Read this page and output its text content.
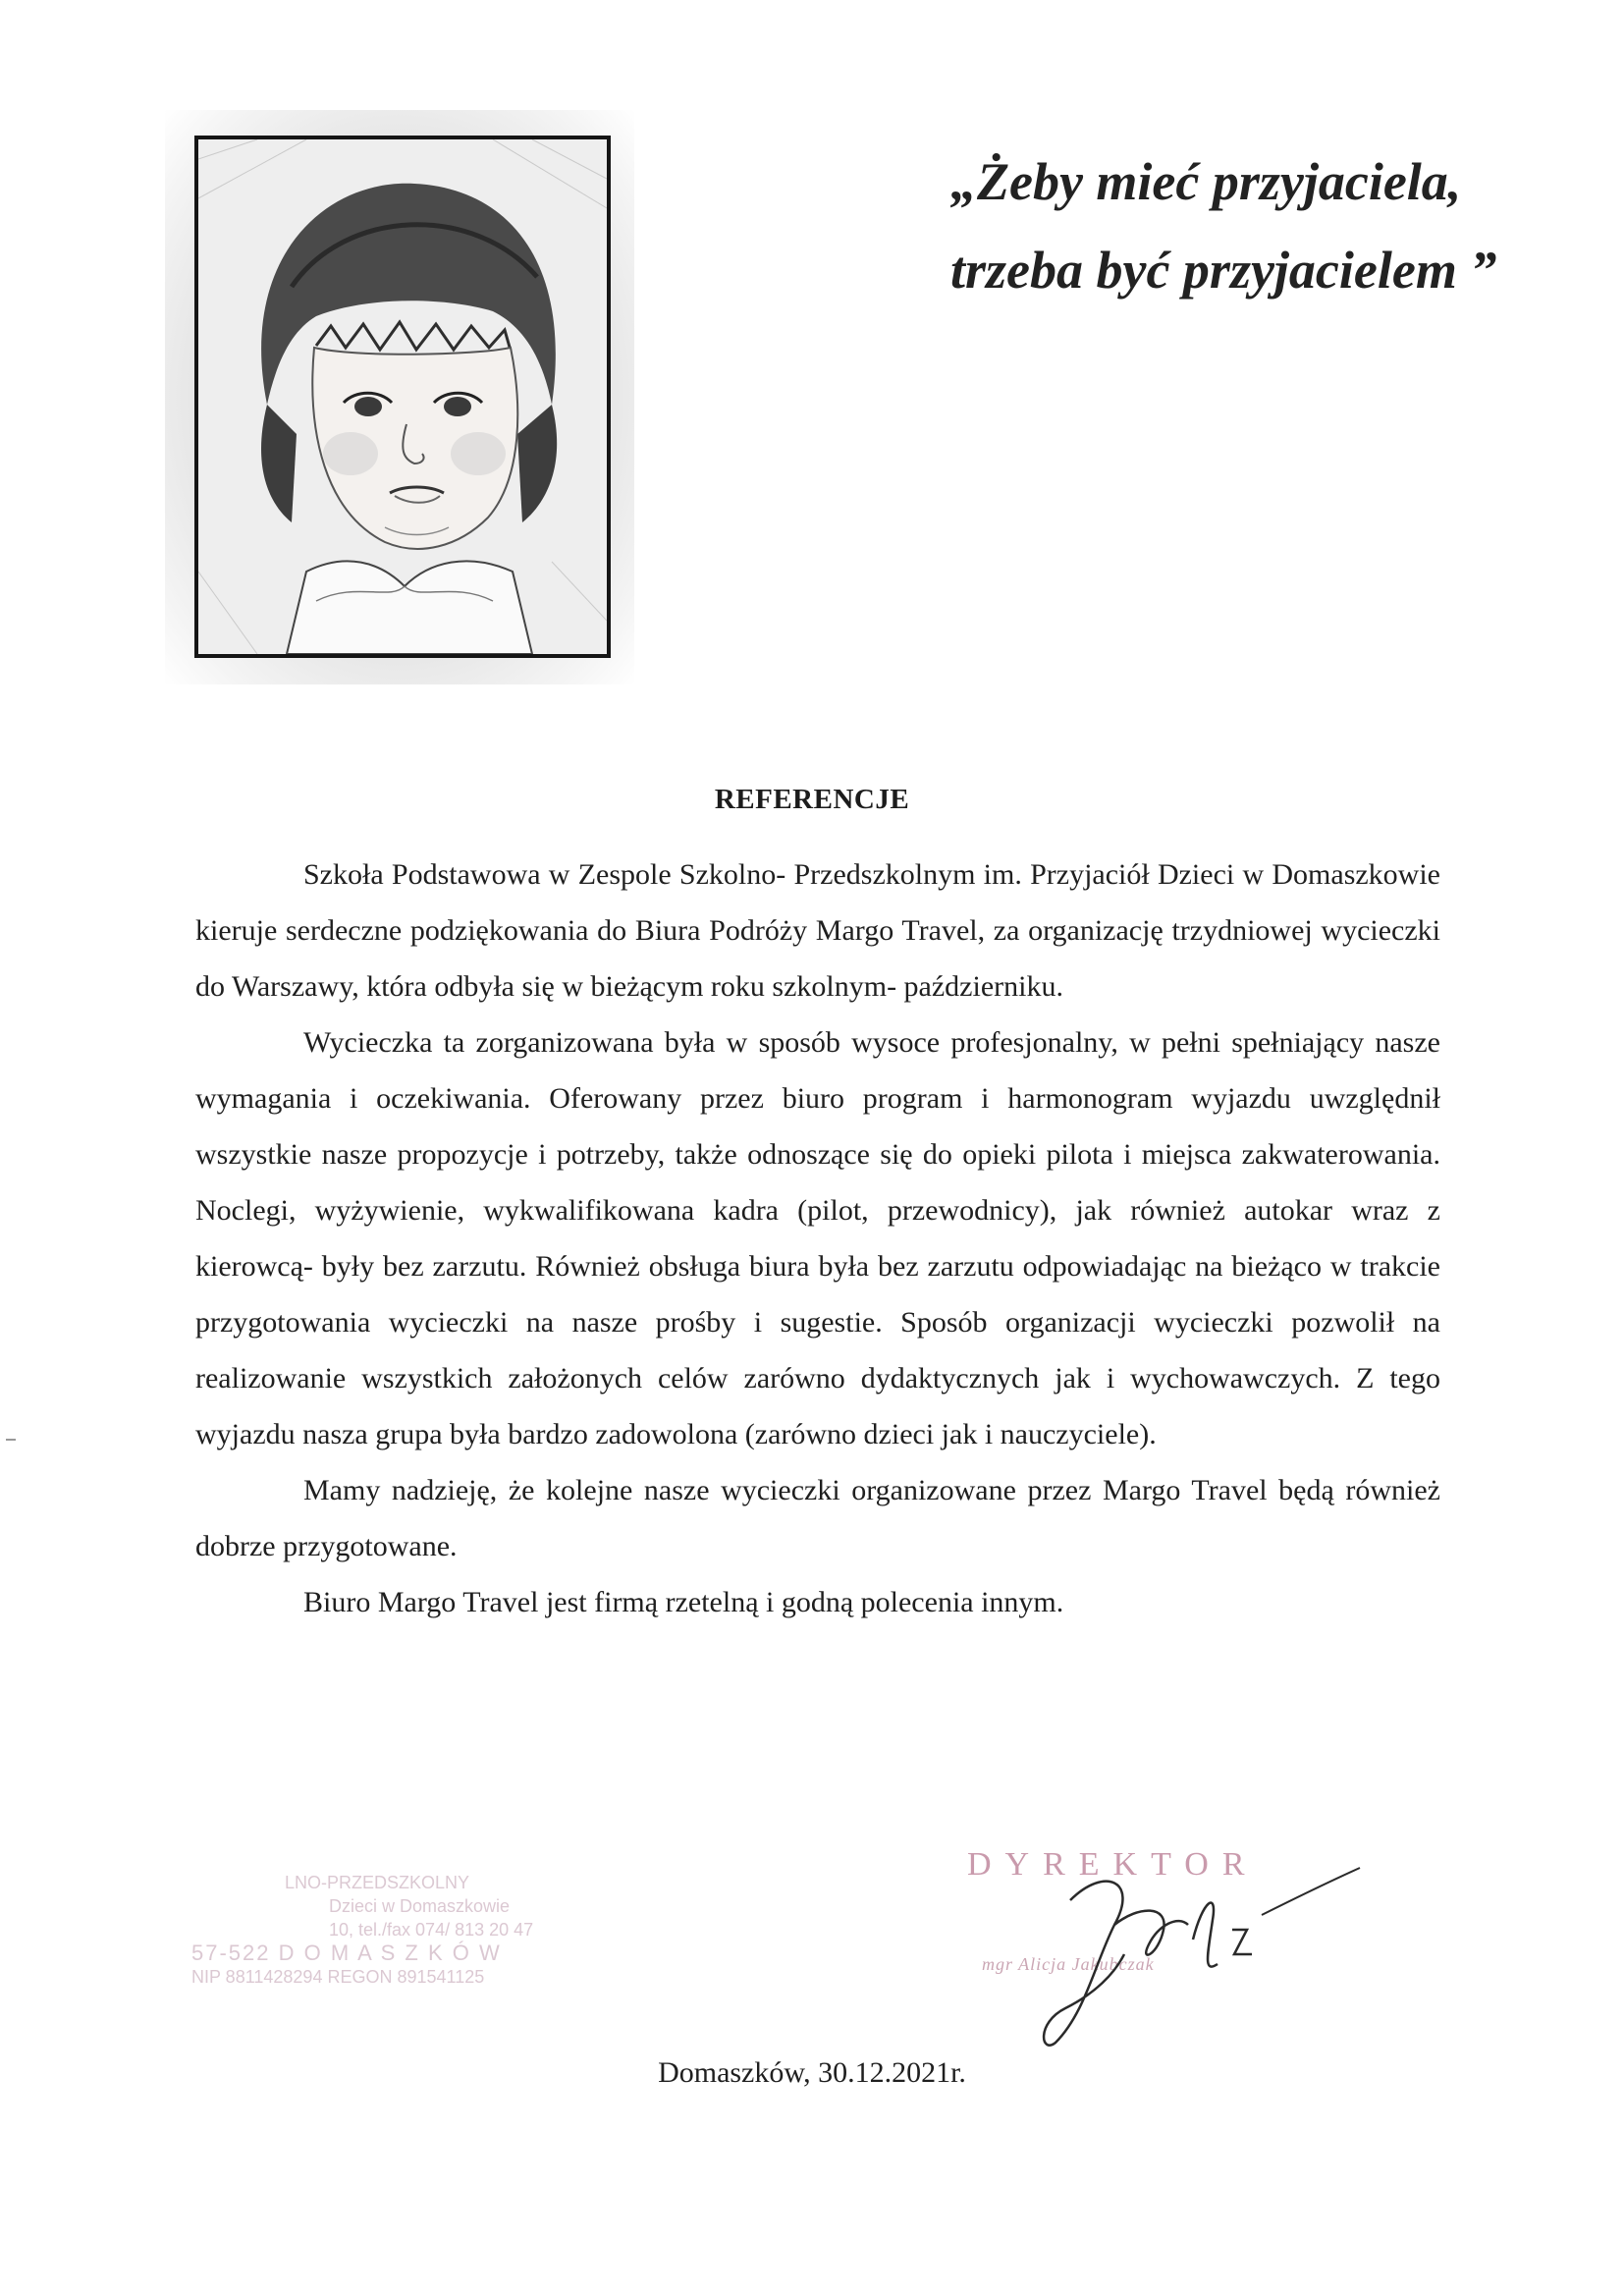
„Żeby mieć przyjaciela,
trzeba być przyjacielem ”
REFERENCJE

Szkoła Podstawowa w Zespole Szkolno- Przedszkolnym im. Przyjaciół Dzieci w Domaszkowie kieruje serdeczne podziękowania do Biura Podróży Margo Travel, za organizację trzydniowej wycieczki do Warszawy, która odbyła się w bieżącym roku szkolnym- październiku.

Wycieczka ta zorganizowana była w sposób wysoce profesjonalny, w pełni spełniający nasze wymagania i oczekiwania. Oferowany przez biuro program i harmonogram wyjazdu uwzględnił wszystkie nasze propozycje i potrzeby, także odnoszące się do opieki pilota i miejsca zakwaterowania. Noclegi, wyżywienie, wykwalifikowana kadra (pilot, przewodnicy), jak również autokar wraz z kierowcą- były bez zarzutu. Również obsługa biura była bez zarzutu odpowiadając na bieżąco w trakcie przygotowania wycieczki na nasze prośby i sugestie. Sposób organizacji wycieczki pozwolił na realizowanie wszystkich założonych celów zarówno dydaktycznych jak i wychowawczych. Z tego wyjazdu nasza grupa była bardzo zadowolona (zarówno dzieci jak i nauczyciele).

Mamy nadzieję, że kolejne nasze wycieczki organizowane przez Margo Travel będą również dobrze przygotowane.

Biuro Margo Travel jest firmą rzetelną i godną polecenia innym.

LNO-PRZEDSZKOLNY
Dzieci w Domaszkowie
10, tel./fax 074/ 813 20 47
57-522 D O M A S Z K Ó W
NIP 8811428294 REGON 891541125
DYREKTOR
mgr Alicja Jakubczak
Domaszków, 30.12.2021r.
